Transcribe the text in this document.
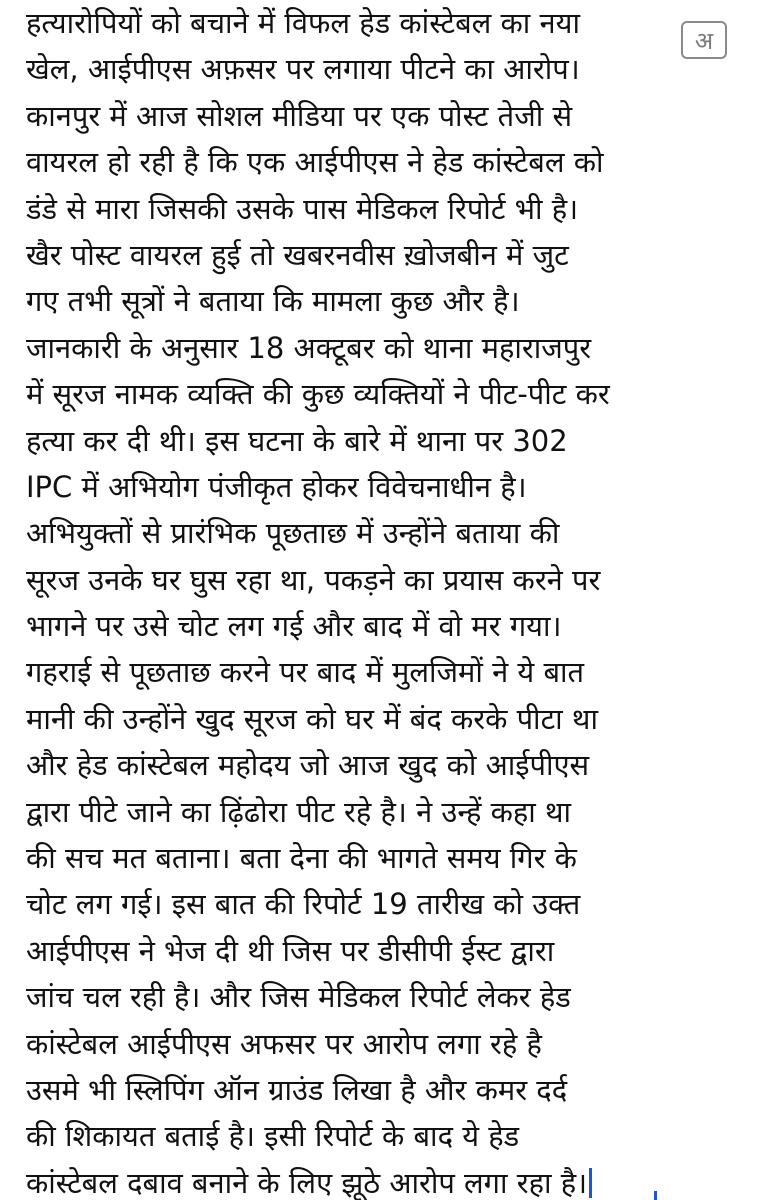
हत्यारोपियों को बचाने में विफल हेड कांस्टेबल का नया
खेल, आईपीएस अफ़सर पर लगाया पीटने का आरोप।
कानपुर में आज सोशल मीडिया पर एक पोस्ट तेजी से
वायरल हो रही है कि एक आईपीएस ने हेड कांस्टेबल को
डंडे से मारा जिसकी उसके पास मेडिकल रिपोर्ट भी है।
खैर पोस्ट वायरल हुई तो खबरनवीस ख़ोजबीन में जुट
गए तभी सूत्रों ने बताया कि मामला कुछ और है।
जानकारी के अनुसार 18 अक्टूबर को थाना महाराजपुर
में सूरज नामक व्यक्ति की कुछ व्यक्तियों ने पीट-पीट कर
हत्या कर दी थी। इस घटना के बारे में थाना पर 302
IPC में अभियोग पंजीकृत होकर विवेचनाधीन है।
अभियुक्तों से प्रारंभिक पूछताछ में उन्होंने बताया की
सूरज उनके घर घुस रहा था, पकड़ने का प्रयास करने पर
भागने पर उसे चोट लग गई और बाद में वो मर गया।
गहराई से पूछताछ करने पर बाद में मुलजिमों ने ये बात
मानी की उन्होंने खुद सूरज को घर में बंद करके पीटा था
और हेड कांस्टेबल महोदय जो आज खुद को आईपीएस
द्वारा पीटे जाने का ढ़िंढोरा पीट रहे है। ने उन्हें कहा था
की सच मत बताना। बता देना की भागते समय गिर के
चोट लग गई। इस बात की रिपोर्ट 19 तारीख को उक्त
आईपीएस ने भेज दी थी जिस पर डीसीपी ईस्ट द्वारा
जांच चल रही है। और जिस मेडिकल रिपोर्ट लेकर हेड
कांस्टेबल आईपीएस अफसर पर आरोप लगा रहे है
उसमे भी स्लिपिंग ऑन ग्राउंड लिखा है और कमर दर्द
की शिकायत बताई है। इसी रिपोर्ट के बाद ये हेड
कांस्टेबल दबाव बनाने के लिए झूठे आरोप लगा रहा है।
अ
